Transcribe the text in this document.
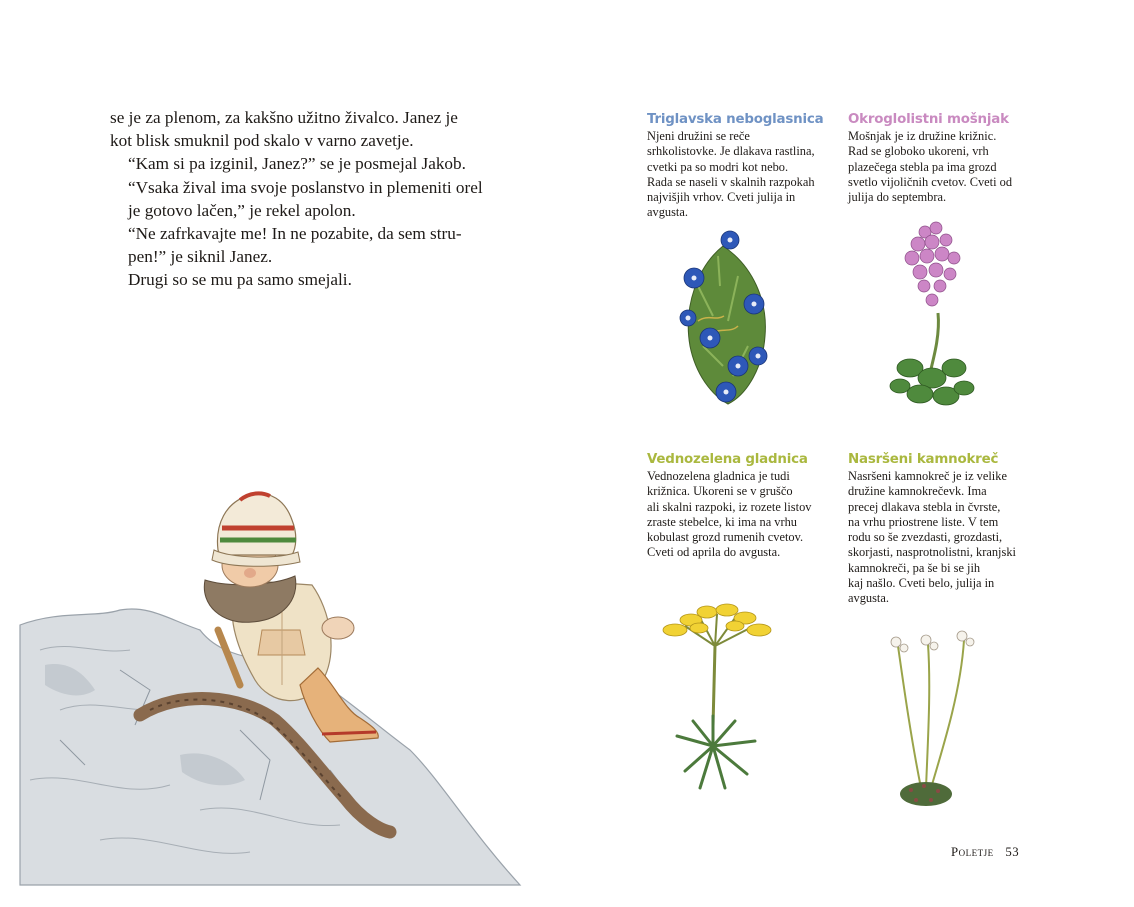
se je za plenom, za kakšno užitno živalco. Janez je
kot blisk smuknil pod skalo v varno zavetje.

“Kam si pa izginil, Janez?” se je posmejal Jakob.

“Vsaka žival ima svoje poslanstvo in plemeniti orel
je gotovo lačen,” je rekel apolon.

“Ne zafrkavajte me! In ne pozabite, da sem stru-
pen!” je siknil Janez.

Drugi so se mu pa samo smejali.

Triglavska neboglasnica
Njeni družini se reče
srhkolistovke. Je dlakava rastlina,
cvetki pa so modri kot nebo.
Rada se naseli v skalnih razpokah
najvišjih vrhov. Cveti julija in
avgusta.
Okroglolistni mošnjak
Mošnjak je iz družine križnic.
Rad se globoko ukoreni, vrh
plazečega stebla pa ima grozd
svetlo vijoličnih cvetov. Cveti od
julija do septembra.
Vednozelena gladnica
Vednozelena gladnica je tudi
križnica. Ukoreni se v gruščo
ali skalni razpoki, iz rozete listov
zraste stebelce, ki ima na vrhu
kobulast grozd rumenih cvetov.
Cveti od aprila do avgusta.
Nasršeni kamnokreč
Nasršeni kamnokreč je iz velike
družine kamnokrečevk. Ima
precej dlakava stebla in čvrste,
na vrhu priostrene liste. V tem
rodu so še zvezdasti, grozdasti,
skorjasti, nasprotnolistni, kranjski
kamnokreči, pa še bi se jih
kaj našlo. Cveti belo, julija in
avgusta.
Poletje 53
